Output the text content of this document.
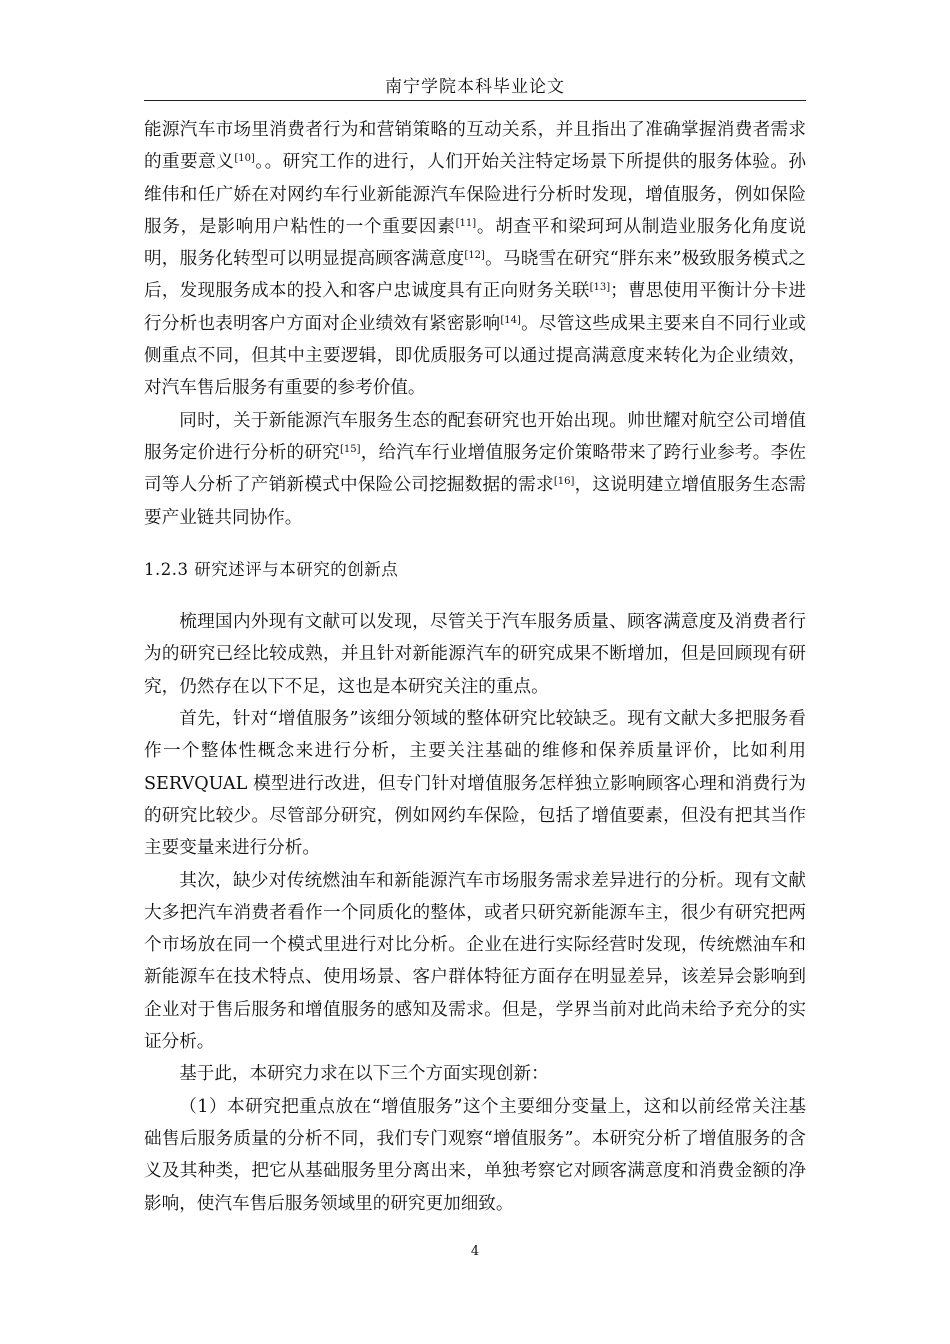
南宁学院本科毕业论文

能源汽车市场里消费者行为和营销策略的互动关系，并且指出了准确掌握消费者需求的重要意义[10]。。研究工作的进行，人们开始关注特定场景下所提供的服务体验。孙维伟和任广娇在对网约车行业新能源汽车保险进行分析时发现，增值服务，例如保险服务，是影响用户粘性的一个重要因素[11]。胡查平和梁珂珂从制造业服务化角度说明，服务化转型可以明显提高顾客满意度[12]。马晓雪在研究“胖东来”极致服务模式之后，发现服务成本的投入和客户忠诚度具有正向财务关联[13]；曹思使用平衡计分卡进行分析也表明客户方面对企业绩效有紧密影响[14]。尽管这些成果主要来自不同行业或侧重点不同，但其中主要逻辑，即优质服务可以通过提高满意度来转化为企业绩效，对汽车售后服务有重要的参考价值。

同时，关于新能源汽车服务生态的配套研究也开始出现。帅世耀对航空公司增值服务定价进行分析的研究[15]，给汽车行业增值服务定价策略带来了跨行业参考。李佐司等人分析了产销新模式中保险公司挖掘数据的需求[16]，这说明建立增值服务生态需要产业链共同协作。

1.2.3 研究述评与本研究的创新点

梳理国内外现有文献可以发现，尽管关于汽车服务质量、顾客满意度及消费者行为的研究已经比较成熟，并且针对新能源汽车的研究成果不断增加，但是回顾现有研究，仍然存在以下不足，这也是本研究关注的重点。

首先，针对“增值服务”该细分领域的整体研究比较缺乏。现有文献大多把服务看作一个整体性概念来进行分析，主要关注基础的维修和保养质量评价，比如利用 SERVQUAL 模型进行改进，但专门针对增值服务怎样独立影响顾客心理和消费行为的研究比较少。尽管部分研究，例如网约车保险，包括了增值要素，但没有把其当作主要变量来进行分析。

其次，缺少对传统燃油车和新能源汽车市场服务需求差异进行的分析。现有文献大多把汽车消费者看作一个同质化的整体，或者只研究新能源车主，很少有研究把两个市场放在同一个模式里进行对比分析。企业在进行实际经营时发现，传统燃油车和新能源车在技术特点、使用场景、客户群体特征方面存在明显差异，该差异会影响到企业对于售后服务和增值服务的感知及需求。但是，学界当前对此尚未给予充分的实证分析。

基于此，本研究力求在以下三个方面实现创新：

（1）本研究把重点放在“增值服务”这个主要细分变量上，这和以前经常关注基础售后服务质量的分析不同，我们专门观察“增值服务”。本研究分析了增值服务的含义及其种类，把它从基础服务里分离出来，单独考察它对顾客满意度和消费金额的净影响，使汽车售后服务领域里的研究更加细致。

4
